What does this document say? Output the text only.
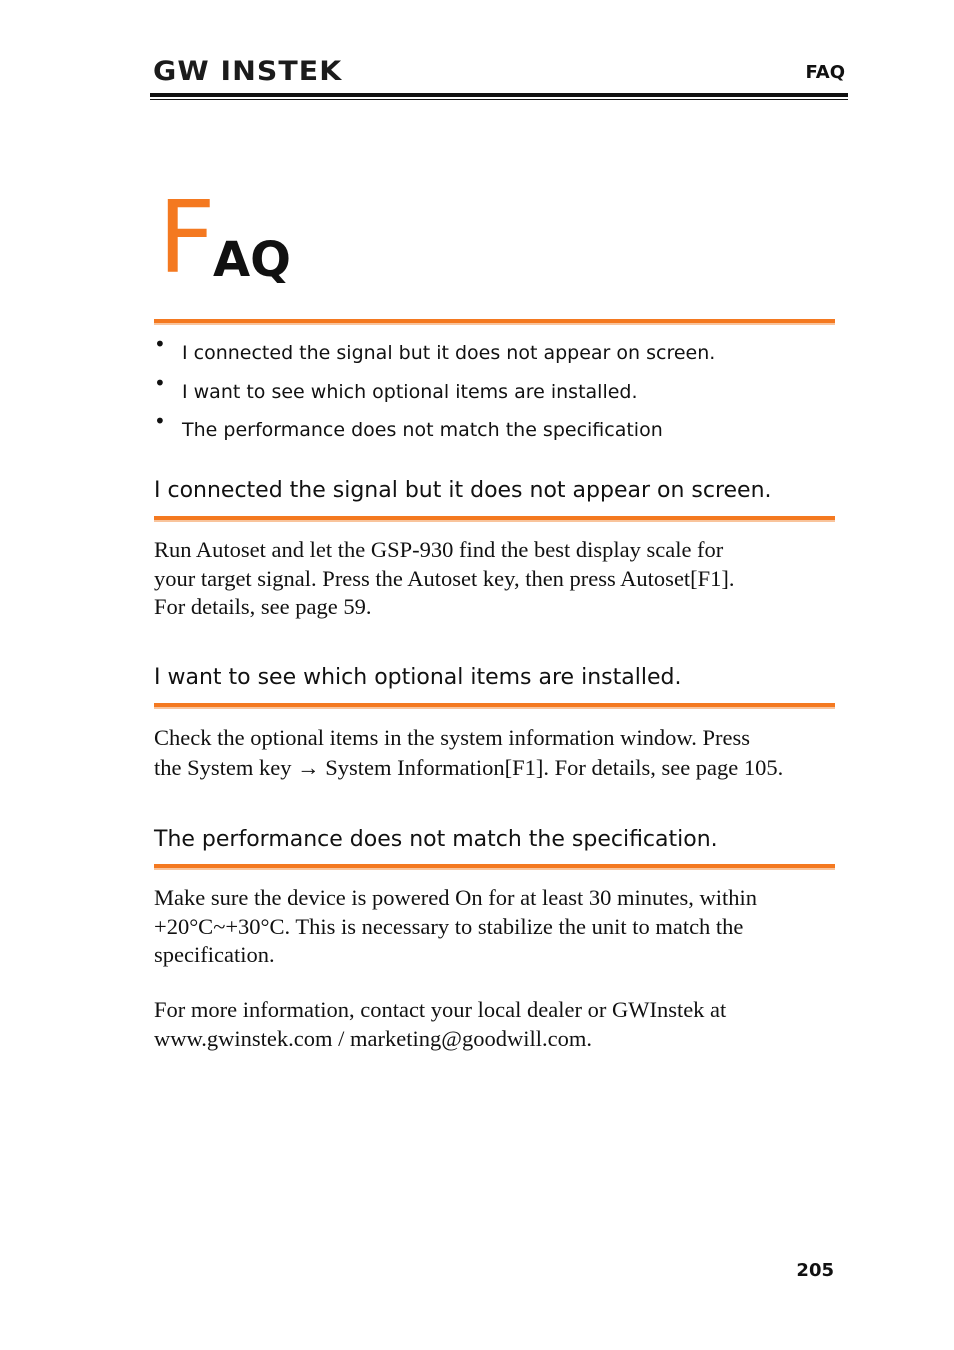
GW INSTEK	FAQ
F
AQ
• I connected the signal but it does not appear on screen.
• I want to see which optional items are installed.
• The performance does not match the specification
I connected the signal but it does not appear on screen.

Run Autoset and let the GSP-930 find the best display scale for
your target signal. Press the Autoset key, then press Autoset[F1].
For details, see page 59.

I want to see which optional items are installed.

Check the optional items in the system information window. Press
the System key → System Information[F1]. For details, see page 105.

The performance does not match the specification.

Make sure the device is powered On for at least 30 minutes, within
+20°C~+30°C. This is necessary to stabilize the unit to match the
specification.

For more information, contact your local dealer or GWInstek at
www.gwinstek.com / marketing@goodwill.com.

205
